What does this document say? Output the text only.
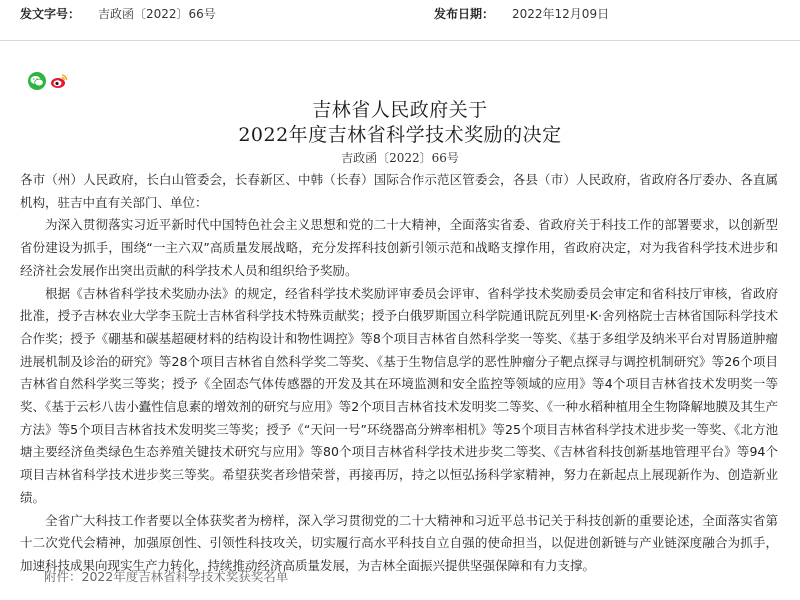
发文字号： 吉政函〔2022〕66号	发布日期： 2022年12月09日
吉林省人民政府关于
2022年度吉林省科学技术奖励的决定
吉政函〔2022〕66号

各市（州）人民政府，长白山管委会，长春新区、中韩（长春）国际合作示范区管委会，各县（市）人民政府，省政府各厅委办、各直属机构，驻吉中直有关部门、单位：

为深入贯彻落实习近平新时代中国特色社会主义思想和党的二十大精神，全面落实省委、省政府关于科技工作的部署要求，以创新型省份建设为抓手，围绕“一主六双”高质量发展战略，充分发挥科技创新引领示范和战略支撑作用，省政府决定，对为我省科学技术进步和经济社会发展作出突出贡献的科学技术人员和组织给予奖励。

根据《吉林省科学技术奖励办法》的规定，经省科学技术奖励评审委员会评审、省科学技术奖励委员会审定和省科技厅审核，省政府批准，授予吉林农业大学李玉院士吉林省科学技术特殊贡献奖；授予白俄罗斯国立科学院通讯院瓦列里·K·舍列格院士吉林省国际科学技术合作奖；授予《硼基和碳基超硬材料的结构设计和物性调控》等8个项目吉林省自然科学奖一等奖、《基于多组学及纳米平台对胃肠道肿瘤进展机制及诊治的研究》等28个项目吉林省自然科学奖二等奖、《基于生物信息学的恶性肿瘤分子靶点探寻与调控机制研究》等26个项目吉林省自然科学奖三等奖；授予《全固态气体传感器的开发及其在环境监测和安全监控等领域的应用》等4个项目吉林省技术发明奖一等奖、《基于云杉八齿小蠹性信息素的增效剂的研究与应用》等2个项目吉林省技术发明奖二等奖、《一种水稻种植用全生物降解地膜及其生产方法》等5个项目吉林省技术发明奖三等奖；授予《“天问一号”环绕器高分辨率相机》等25个项目吉林省科学技术进步奖一等奖、《北方池塘主要经济鱼类绿色生态养殖关键技术研究与应用》等80个项目吉林省科学技术进步奖二等奖、《吉林省科技创新基地管理平台》等94个项目吉林省科学技术进步奖三等奖。希望获奖者珍惜荣誉，再接再厉，持之以恒弘扬科学家精神，努力在新起点上展现新作为、创造新业绩。

全省广大科技工作者要以全体获奖者为榜样，深入学习贯彻党的二十大精神和习近平总书记关于科技创新的重要论述，全面落实省第十二次党代会精神，加强原创性、引领性科技攻关，切实履行高水平科技自立自强的使命担当，以促进创新链与产业链深度融合为抓手，加速科技成果向现实生产力转化，持续推动经济高质量发展，为吉林全面振兴提供坚强保障和有力支撑。

附件：2022年度吉林省科学技术奖获奖名单
